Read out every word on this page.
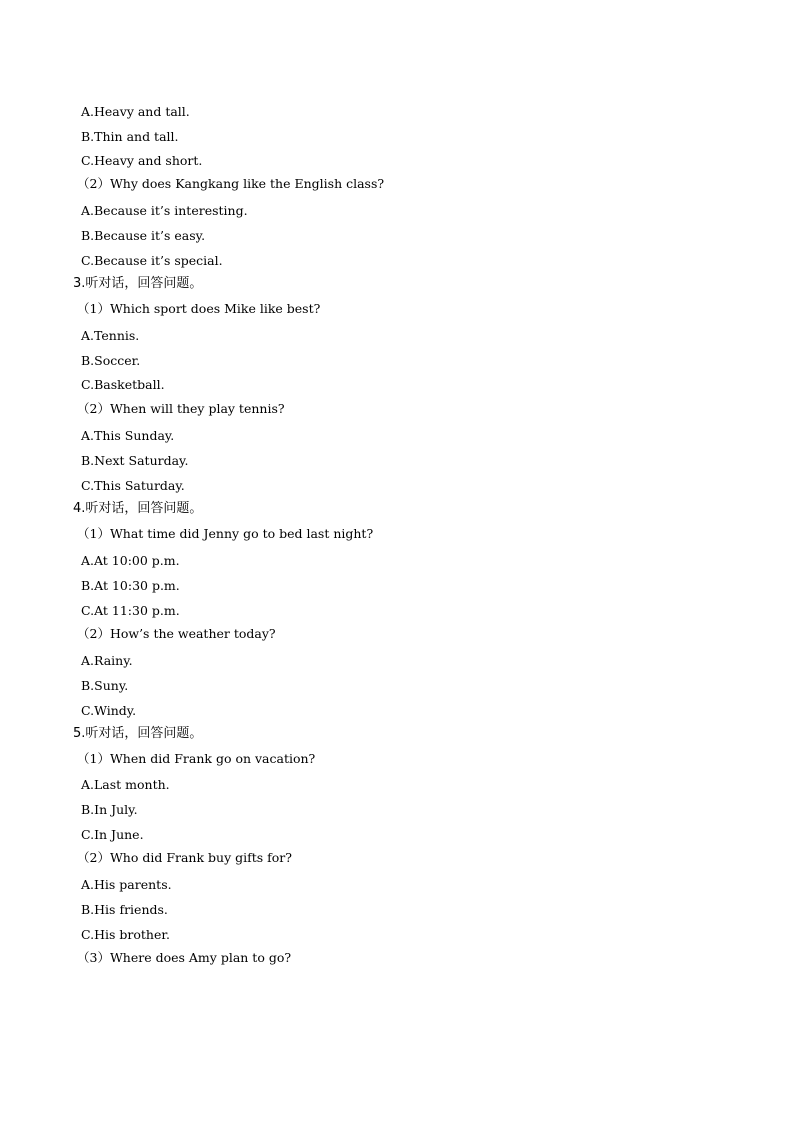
A.Heavy and tall.
B.Thin and tall.
C.Heavy and short.
（2）Why does Kangkang like the English class?
A.Because it’s interesting.
B.Because it’s easy.
C.Because it’s special.
3.听对话，回答问题。
（1）Which sport does Mike like best?
A.Tennis.
B.Soccer.
C.Basketball.
（2）When will they play tennis?
A.This Sunday.
B.Next Saturday.
C.This Saturday.
4.听对话，回答问题。
（1）What time did Jenny go to bed last night?
A.At 10:00 p.m.
B.At 10:30 p.m.
C.At 11:30 p.m.
（2）How’s the weather today?
A.Rainy.
B.Suny.
C.Windy.
5.听对话，回答问题。
（1）When did Frank go on vacation?
A.Last month.
B.In July.
C.In June.
（2）Who did Frank buy gifts for?
A.His parents.
B.His friends.
C.His brother.
（3）Where does Amy plan to go?
